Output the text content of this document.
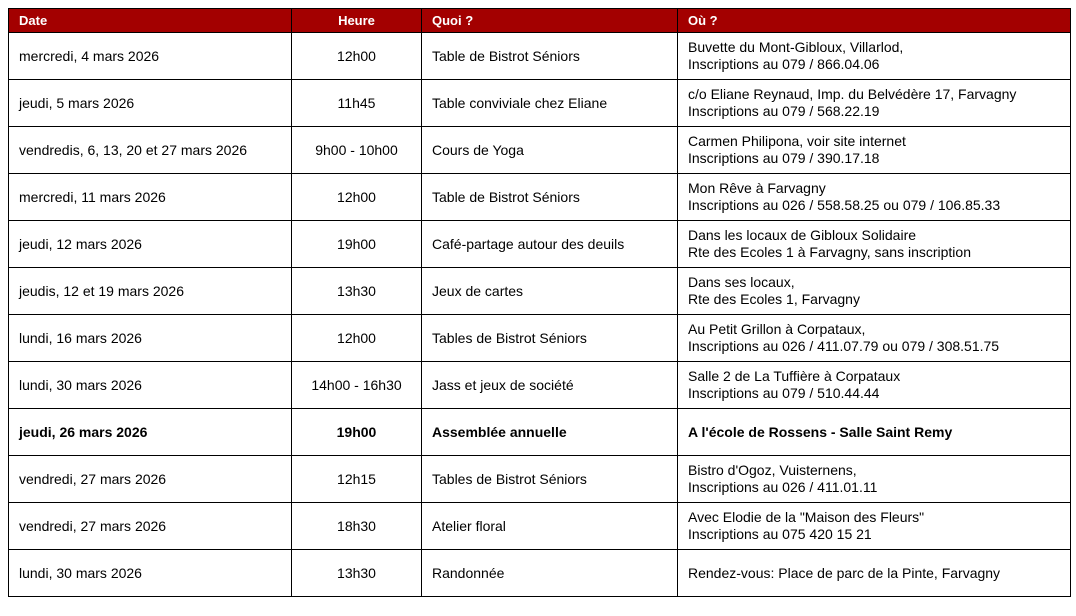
Date	Heure	Quoi ?	Où ?
mercredi, 4 mars 2026	12h00	Table de Bistrot Séniors	Buvette du Mont-Gibloux, Villarlod,
Inscriptions au 079 / 866.04.06

jeudi, 5 mars 2026	11h45	Table conviviale chez Eliane	c/o Eliane Reynaud, Imp. du Belvédère 17, Farvagny
Inscriptions au 079 / 568.22.19

vendredis, 6, 13, 20 et 27 mars 2026	9h00 - 10h00	Cours de Yoga	Carmen Philipona, voir site internet
Inscriptions au 079 / 390.17.18

mercredi, 11 mars 2026	12h00	Table de Bistrot Séniors	Mon Rêve à Farvagny
Inscriptions au 026 / 558.58.25 ou 079 / 106.85.33

jeudi, 12 mars 2026	19h00	Café-partage autour des deuils	Dans les locaux de Gibloux Solidaire
Rte des Ecoles 1 à Farvagny, sans inscription

jeudis, 12 et 19 mars 2026	13h30	Jeux de cartes	Dans ses locaux,
Rte des Ecoles 1, Farvagny

lundi, 16 mars 2026	12h00	Tables de Bistrot Séniors	Au Petit Grillon à Corpataux,
Inscriptions au 026 / 411.07.79 ou 079 / 308.51.75

lundi, 30 mars 2026	14h00 - 16h30	Jass et jeux de société	Salle 2 de La Tuffière à Corpataux
Inscriptions au 079 / 510.44.44

jeudi, 26 mars 2026	19h00	Assemblée annuelle	A l'école de Rossens - Salle Saint Remy

vendredi, 27 mars 2026	12h15	Tables de Bistrot Séniors	Bistro d'Ogoz, Vuisternens,
Inscriptions au 026 / 411.01.11

vendredi, 27 mars 2026	18h30	Atelier floral	Avec Elodie de la "Maison des Fleurs"
Inscriptions au 075 420 15 21

lundi, 30 mars 2026	13h30	Randonnée	Rendez-vous: Place de parc de la Pinte, Farvagny
